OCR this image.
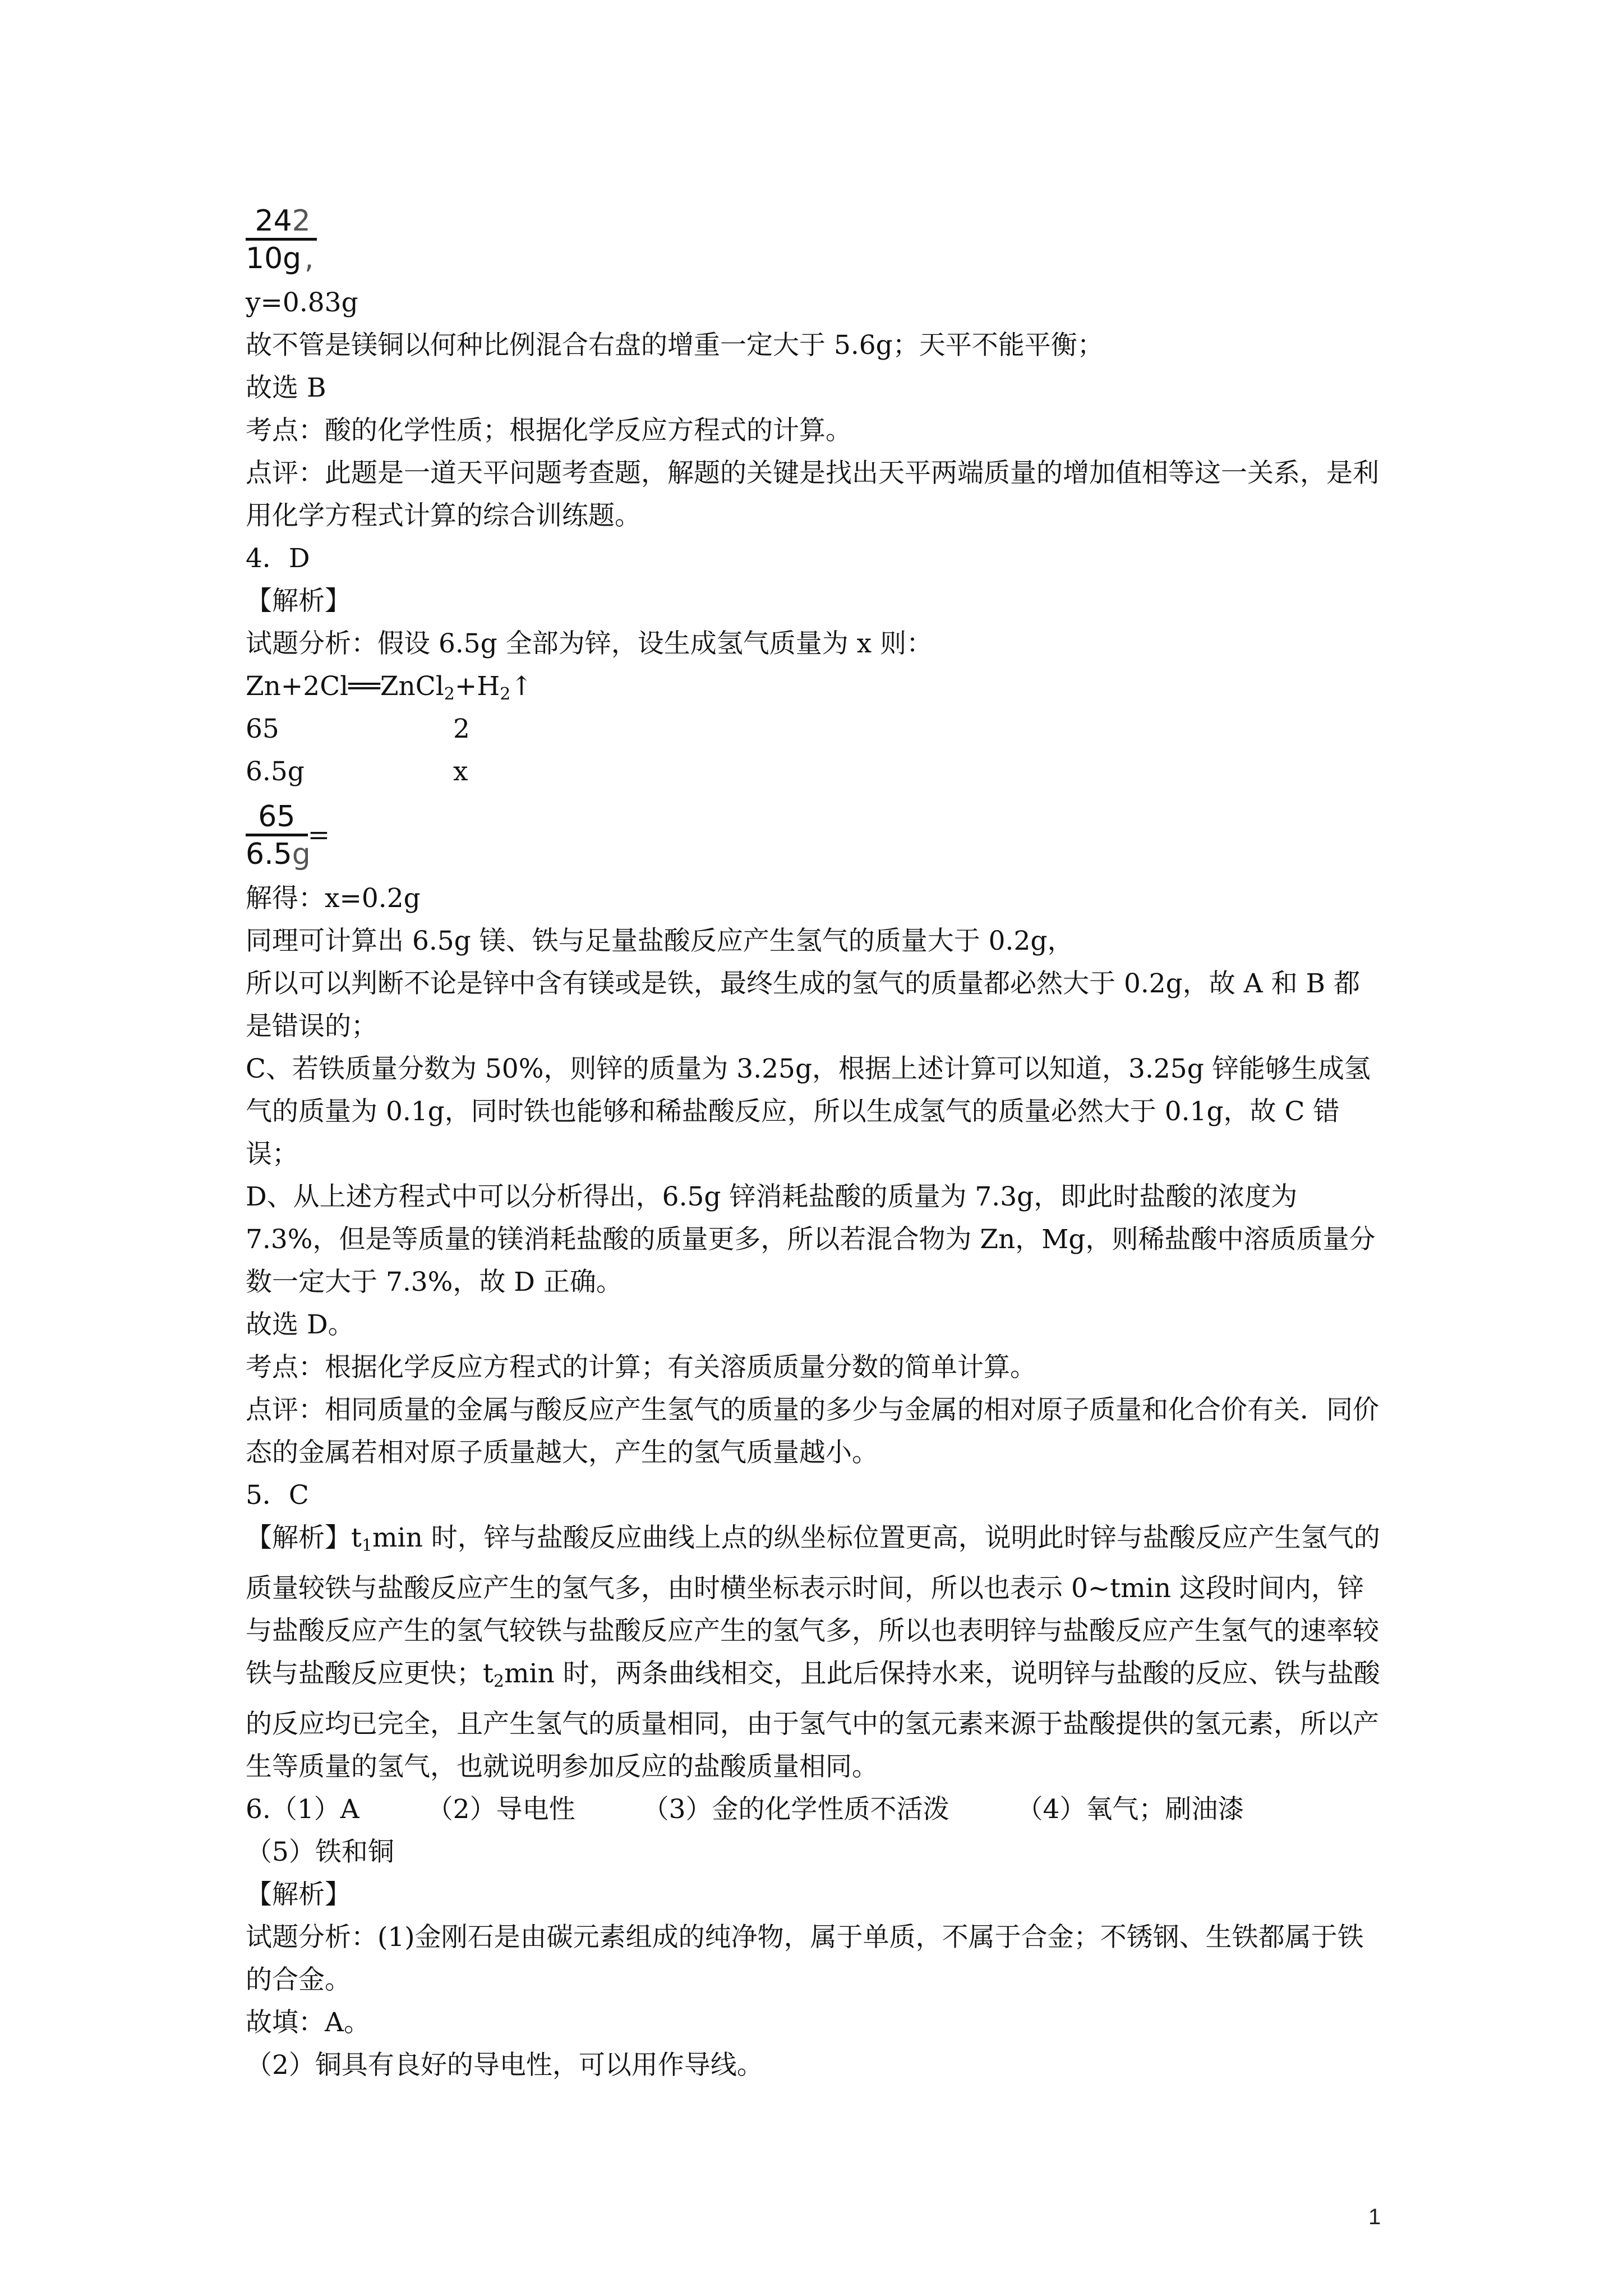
$\frac{242}{10g ,}$
y=0.83g
故不管是镁铜以何种比例混合右盘的增重一定大于 5.6g；天平不能平衡；
故选 B
考点：酸的化学性质；根据化学反应方程式的计算。
点评：此题是一道天平问题考查题，解题的关键是找出天平两端质量的增加值相等这一关系，是利用化学方程式计算的综合训练题。
4．D
【解析】
试题分析：假设 6.5g 全部为锌，设生成氢气质量为 x 则：
$Zn+2Cl══ZnCl_2+H_2↑$
65	2
6.5g	x
$\frac{65}{6.5g}$ =
解得：x=0.2g
同理可计算出 6.5g 镁、铁与足量盐酸反应产生氢气的质量大于 0.2g，
所以可以判断不论是锌中含有镁或是铁，最终生成的氢气的质量都必然大于 0.2g，故 A 和 B 都是错误的；
C、若铁质量分数为 50%，则锌的质量为 3.25g，根据上述计算可以知道，3.25g 锌能够生成氢气的质量为 0.1g，同时铁也能够和稀盐酸反应，所以生成氢气的质量必然大于 0.1g，故 C 错误；
D、从上述方程式中可以分析得出，6.5g 锌消耗盐酸的质量为 7.3g，即此时盐酸的浓度为 7.3%，但是等质量的镁消耗盐酸的质量更多，所以若混合物为 Zn，Mg，则稀盐酸中溶质质量分数一定大于 7.3%，故 D 正确。
故选 D。
考点：根据化学反应方程式的计算；有关溶质质量分数的简单计算。
点评：相同质量的金属与酸反应产生氢气的质量的多少与金属的相对原子质量和化合价有关．同价态的金属若相对原子质量越大，产生的氢气质量越小。
5．C
【解析】$t_1\min$ 时，锌与盐酸反应曲线上点的纵坐标位置更高，说明此时锌与盐酸反应产生氢气的质量较铁与盐酸反应产生的氢气多，由时横坐标表示时间，所以也表示 0~tmin 这段时间内，锌与盐酸反应产生的氢气较铁与盐酸反应产生的氢气多，所以也表明锌与盐酸反应产生氢气的速率较铁与盐酸反应更快；$t_2\min$ 时，两条曲线相交，且此后保持水来，说明锌与盐酸的反应、铁与盐酸的反应均已完全，且产生氢气的质量相同，由于氢气中的氢元素来源于盐酸提供的氢元素，所以产生等质量的氢气，也就说明参加反应的盐酸质量相同。
6.（1）A	（2）导电性	（3）金的化学性质不活泼	（4）氧气；刷油漆
（5）铁和铜
【解析】
试题分析：(1)金刚石是由碳元素组成的纯净物，属于单质，不属于合金；不锈钢、生铁都属于铁的合金。
故填：A。
（2）铜具有良好的导电性，可以用作导线。
1
